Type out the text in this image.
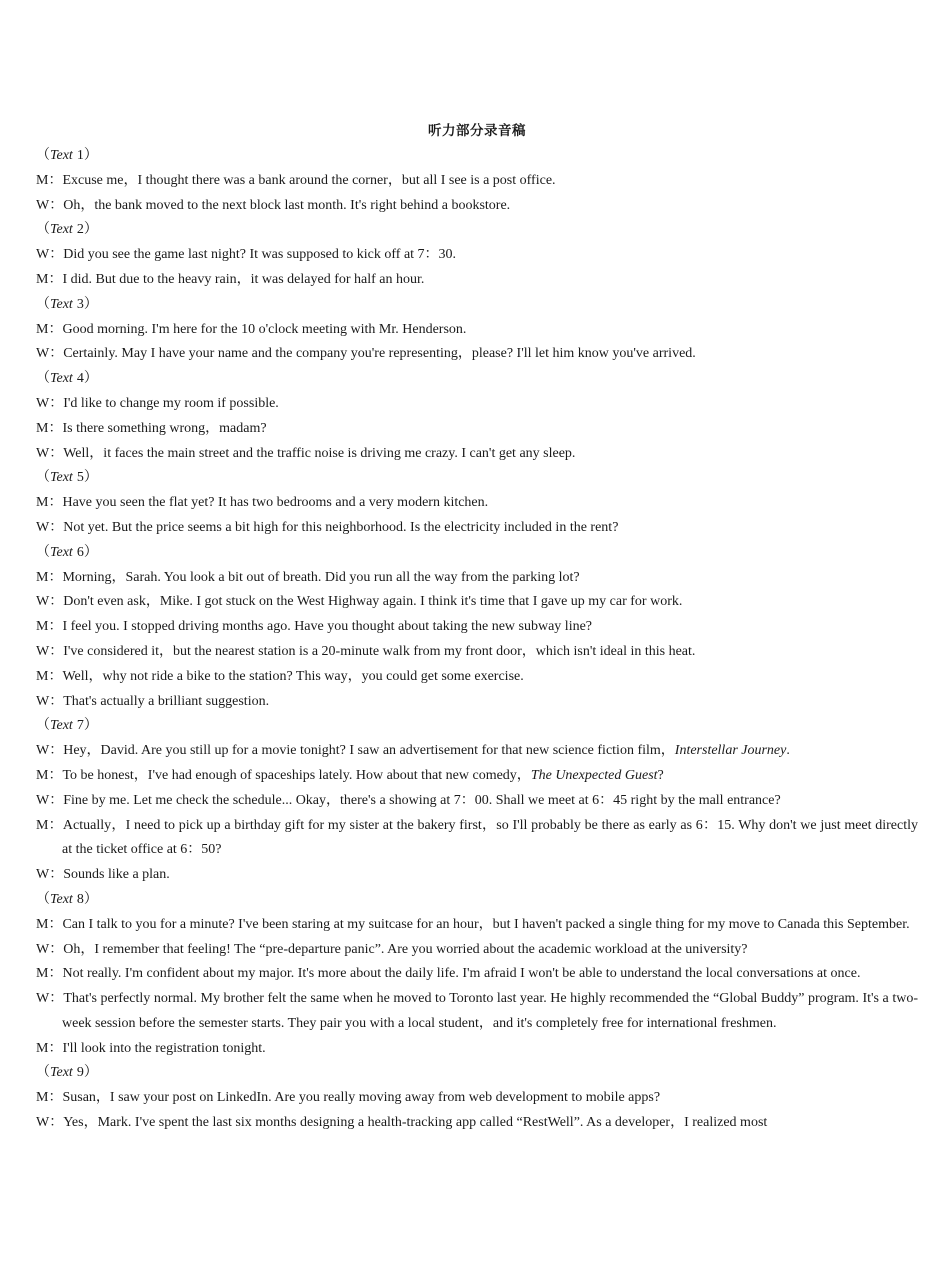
听力部分录音稿
（Text 1）
M：Excuse me，I thought there was a bank around the corner，but all I see is a post office.
W：Oh，the bank moved to the next block last month. It's right behind a bookstore.
（Text 2）
W：Did you see the game last night? It was supposed to kick off at 7：30.
M：I did. But due to the heavy rain，it was delayed for half an hour.
（Text 3）
M：Good morning. I'm here for the 10 o'clock meeting with Mr. Henderson.
W：Certainly. May I have your name and the company you're representing，please? I'll let him know you've arrived.
（Text 4）
W：I'd like to change my room if possible.
M：Is there something wrong，madam?
W：Well，it faces the main street and the traffic noise is driving me crazy. I can't get any sleep.
（Text 5）
M：Have you seen the flat yet? It has two bedrooms and a very modern kitchen.
W：Not yet. But the price seems a bit high for this neighborhood. Is the electricity included in the rent?
（Text 6）
M：Morning，Sarah. You look a bit out of breath. Did you run all the way from the parking lot?
W：Don't even ask，Mike. I got stuck on the West Highway again. I think it's time that I gave up my car for work.
M：I feel you. I stopped driving months ago. Have you thought about taking the new subway line?
W：I've considered it，but the nearest station is a 20-minute walk from my front door，which isn't ideal in this heat.
M：Well，why not ride a bike to the station? This way，you could get some exercise.
W：That's actually a brilliant suggestion.
（Text 7）
W：Hey，David. Are you still up for a movie tonight? I saw an advertisement for that new science fiction film，Interstellar Journey.
M：To be honest，I've had enough of spaceships lately. How about that new comedy，The Unexpected Guest?
W：Fine by me. Let me check the schedule... Okay，there's a showing at 7：00. Shall we meet at 6：45 right by the mall entrance?
M：Actually，I need to pick up a birthday gift for my sister at the bakery first，so I'll probably be there as early as 6：15. Why don't we just meet directly at the ticket office at 6：50?
W：Sounds like a plan.
（Text 8）
M：Can I talk to you for a minute? I've been staring at my suitcase for an hour，but I haven't packed a single thing for my move to Canada this September.
W：Oh，I remember that feeling! The “pre-departure panic”. Are you worried about the academic workload at the university?
M：Not really. I'm confident about my major. It's more about the daily life. I'm afraid I won't be able to understand the local conversations at once.
W：That's perfectly normal. My brother felt the same when he moved to Toronto last year. He highly recommended the “Global Buddy” program. It's a two-week session before the semester starts. They pair you with a local student，and it's completely free for international freshmen.
M：I'll look into the registration tonight.
（Text 9）
M：Susan，I saw your post on LinkedIn. Are you really moving away from web development to mobile apps?
W：Yes，Mark. I've spent the last six months designing a health-tracking app called “RestWell”. As a developer，I realized most
